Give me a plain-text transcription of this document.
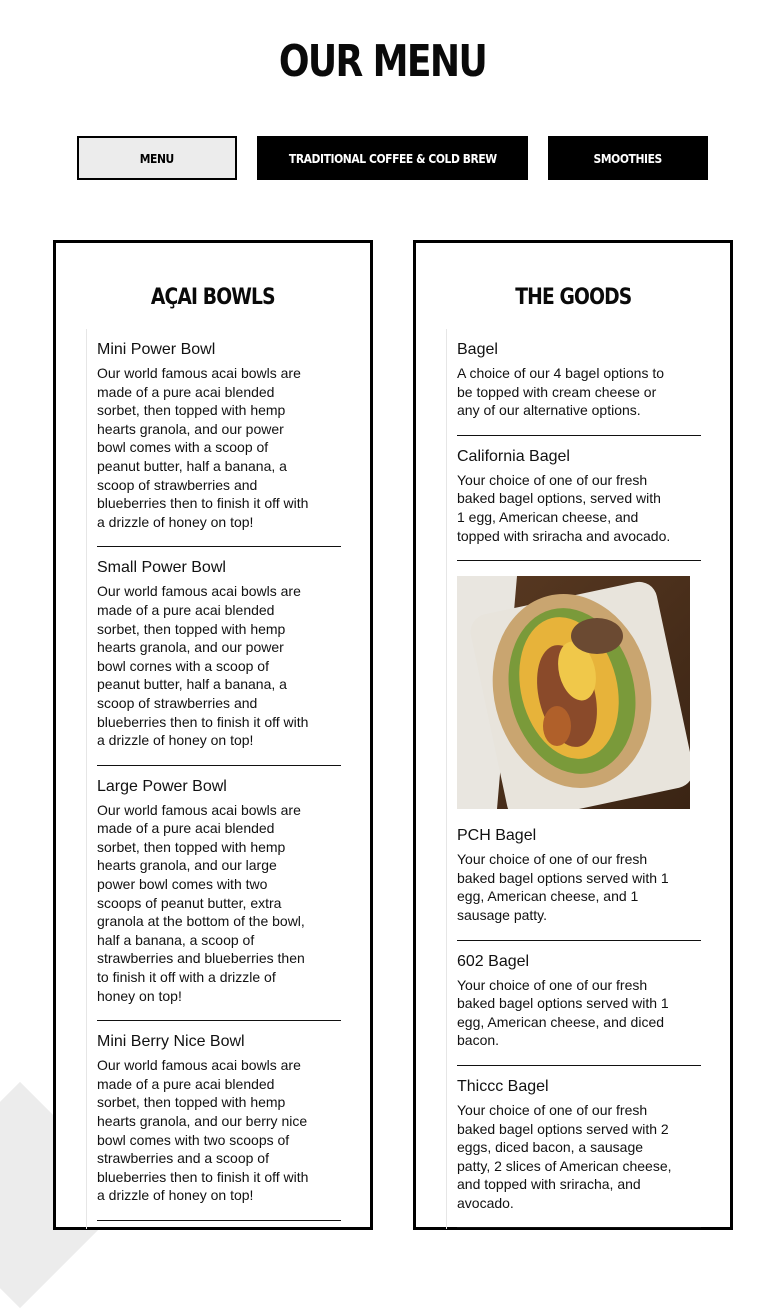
OUR MENU
MENU	TRADITIONAL COFFEE & COLD BREW	SMOOTHIES
AÇAI BOWLS
Mini Power Bowl

Our world famous acai bowls are made of a pure acai blended sorbet, then topped with hemp hearts granola, and our power bowl comes with a scoop of peanut butter, half a banana, a scoop of strawberries and blueberries then to finish it off with a drizzle of honey on top!

Small Power Bowl

Our world famous acai bowls are made of a pure acai blended sorbet, then topped with hemp hearts granola, and our power bowl cornes with a scoop of peanut butter, half a banana, a scoop of strawberries and blueberries then to finish it off with a drizzle of honey on top!

Large Power Bowl

Our world famous acai bowls are made of a pure acai blended sorbet, then topped with hemp hearts granola, and our large power bowl comes with two scoops of peanut butter, extra granola at the bottom of the bowl, half a banana, a scoop of strawberries and blueberries then to finish it off with a drizzle of honey on top!

Mini Berry Nice Bowl

Our world famous acai bowls are made of a pure acai blended sorbet, then topped with hemp hearts granola, and our berry nice bowl comes with two scoops of strawberries and a scoop of blueberries then to finish it off with a drizzle of honey on top!

THE GOODS
Bagel

A choice of our 4 bagel options to be topped with cream cheese or any of our alternative options.

California Bagel

Your choice of one of our fresh baked bagel options, served with 1 egg, American cheese, and topped with sriracha and avocado.

PCH Bagel

Your choice of one of our fresh baked bagel options served with 1 egg, American cheese, and 1 sausage patty.

602 Bagel

Your choice of one of our fresh baked bagel options served with 1 egg, American cheese, and diced bacon.

Thiccc Bagel

Your choice of one of our fresh baked bagel options served with 2 eggs, diced bacon, a sausage patty, 2 slices of American cheese, and topped with sriracha, and avocado.
